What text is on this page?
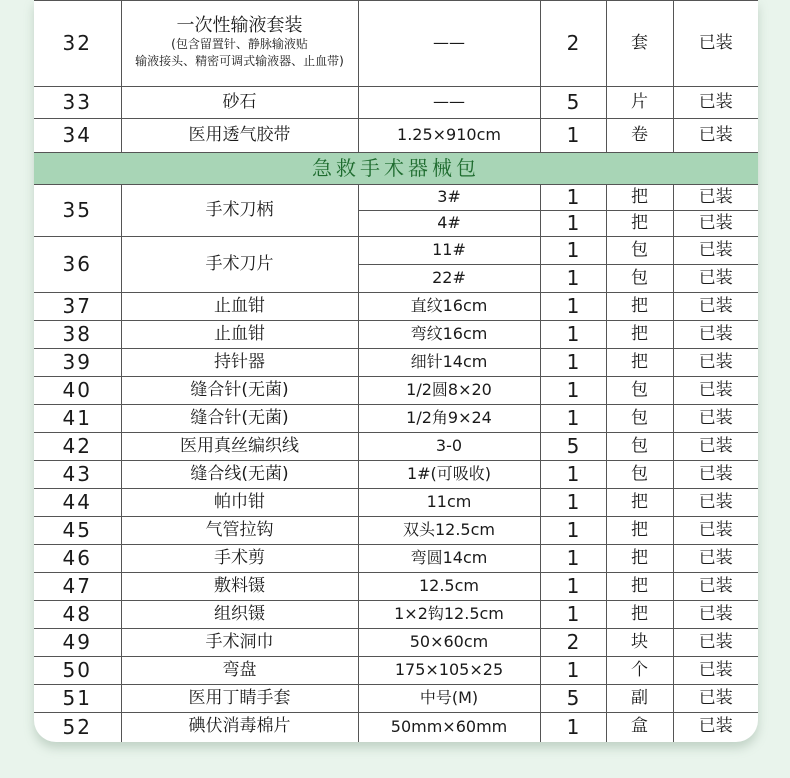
32	一次性输液套装
(包含留置针、静脉输液贴
输液接头、精密可调式输液器、止血带)	——	2	套	已装
33	砂石	——	5	片	已装
34	医用透气胶带	1.25×910cm	1	卷	已装
急救手术器械包					
35	手术刀柄	3#	1	把	已装
		4#	1	把	已装
36	手术刀片	11#	1	包	已装
		22#	1	包	已装
37	止血钳	直纹16cm	1	把	已装
38	止血钳	弯纹16cm	1	把	已装
39	持针器	细针14cm	1	把	已装
40	缝合针(无菌)	1/2圆8×20	1	包	已装
41	缝合针(无菌)	1/2角9×24	1	包	已装
42	医用真丝编织线	3-0	5	包	已装
43	缝合线(无菌)	1#(可吸收)	1	包	已装
44	帕巾钳	11cm	1	把	已装
45	气管拉钩	双头12.5cm	1	把	已装
46	手术剪	弯圆14cm	1	把	已装
47	敷料镊	12.5cm	1	把	已装
48	组织镊	1×2钩12.5cm	1	把	已装
49	手术洞巾	50×60cm	2	块	已装
50	弯盘	175×105×25	1	个	已装
51	医用丁睛手套	中号(M)	5	副	已装
52	碘伏消毒棉片	50mm×60mm	1	盒	已装
